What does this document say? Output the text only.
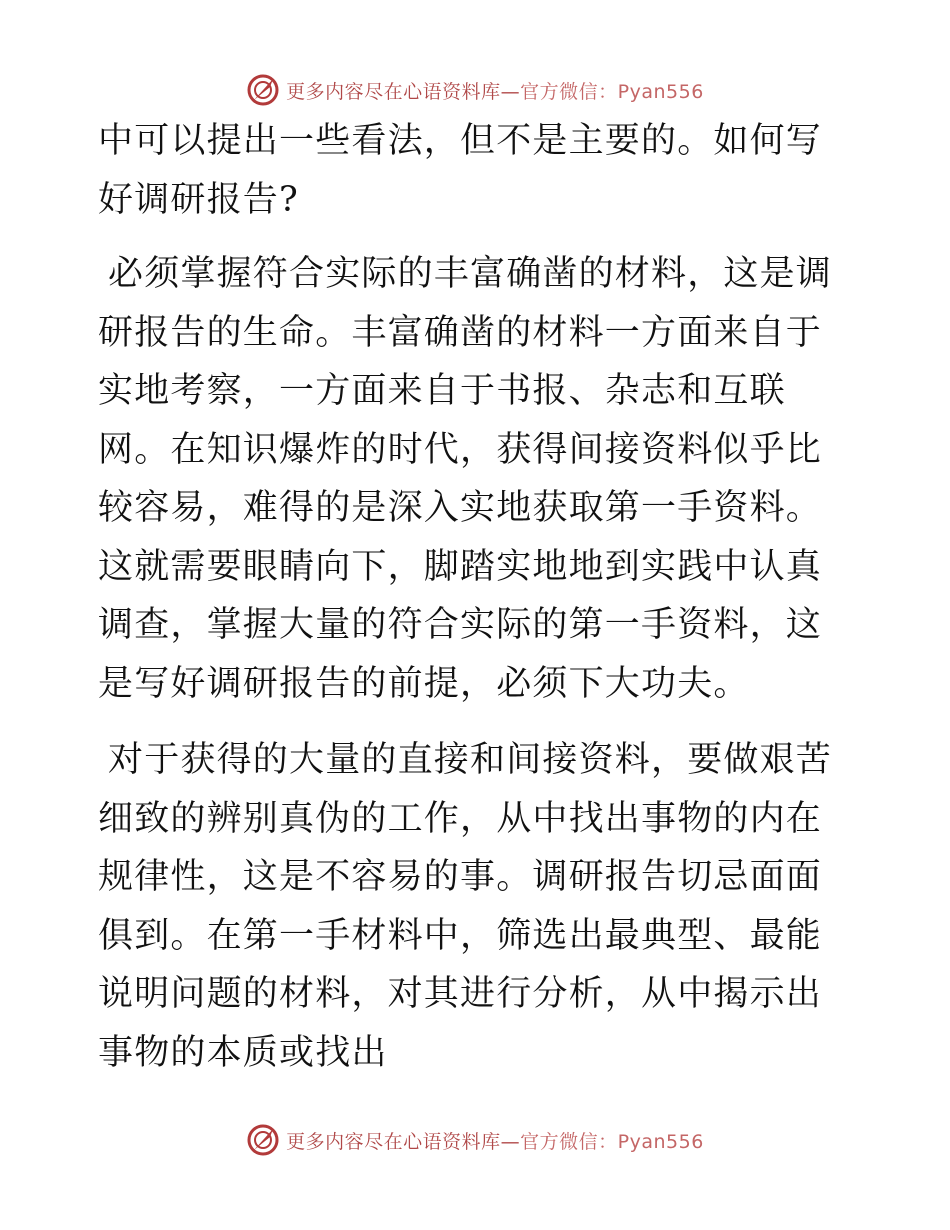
更多内容尽在心语资料库—官方微信：Pyan556

中可以提出一些看法，但不是主要的。如何写好调研报告?

必须掌握符合实际的丰富确凿的材料，这是调研报告的生命。丰富确凿的材料一方面来自于实地考察，一方面来自于书报、杂志和互联网。在知识爆炸的时代，获得间接资料似乎比较容易，难得的是深入实地获取第一手资料。这就需要眼睛向下，脚踏实地地到实践中认真调查，掌握大量的符合实际的第一手资料，这是写好调研报告的前提，必须下大功夫。

对于获得的大量的直接和间接资料，要做艰苦细致的辨别真伪的工作，从中找出事物的内在规律性，这是不容易的事。调研报告切忌面面俱到。在第一手材料中，筛选出最典型、最能说明问题的材料，对其进行分析，从中揭示出事物的本质或找出

更多内容尽在心语资料库—官方微信：Pyan556
